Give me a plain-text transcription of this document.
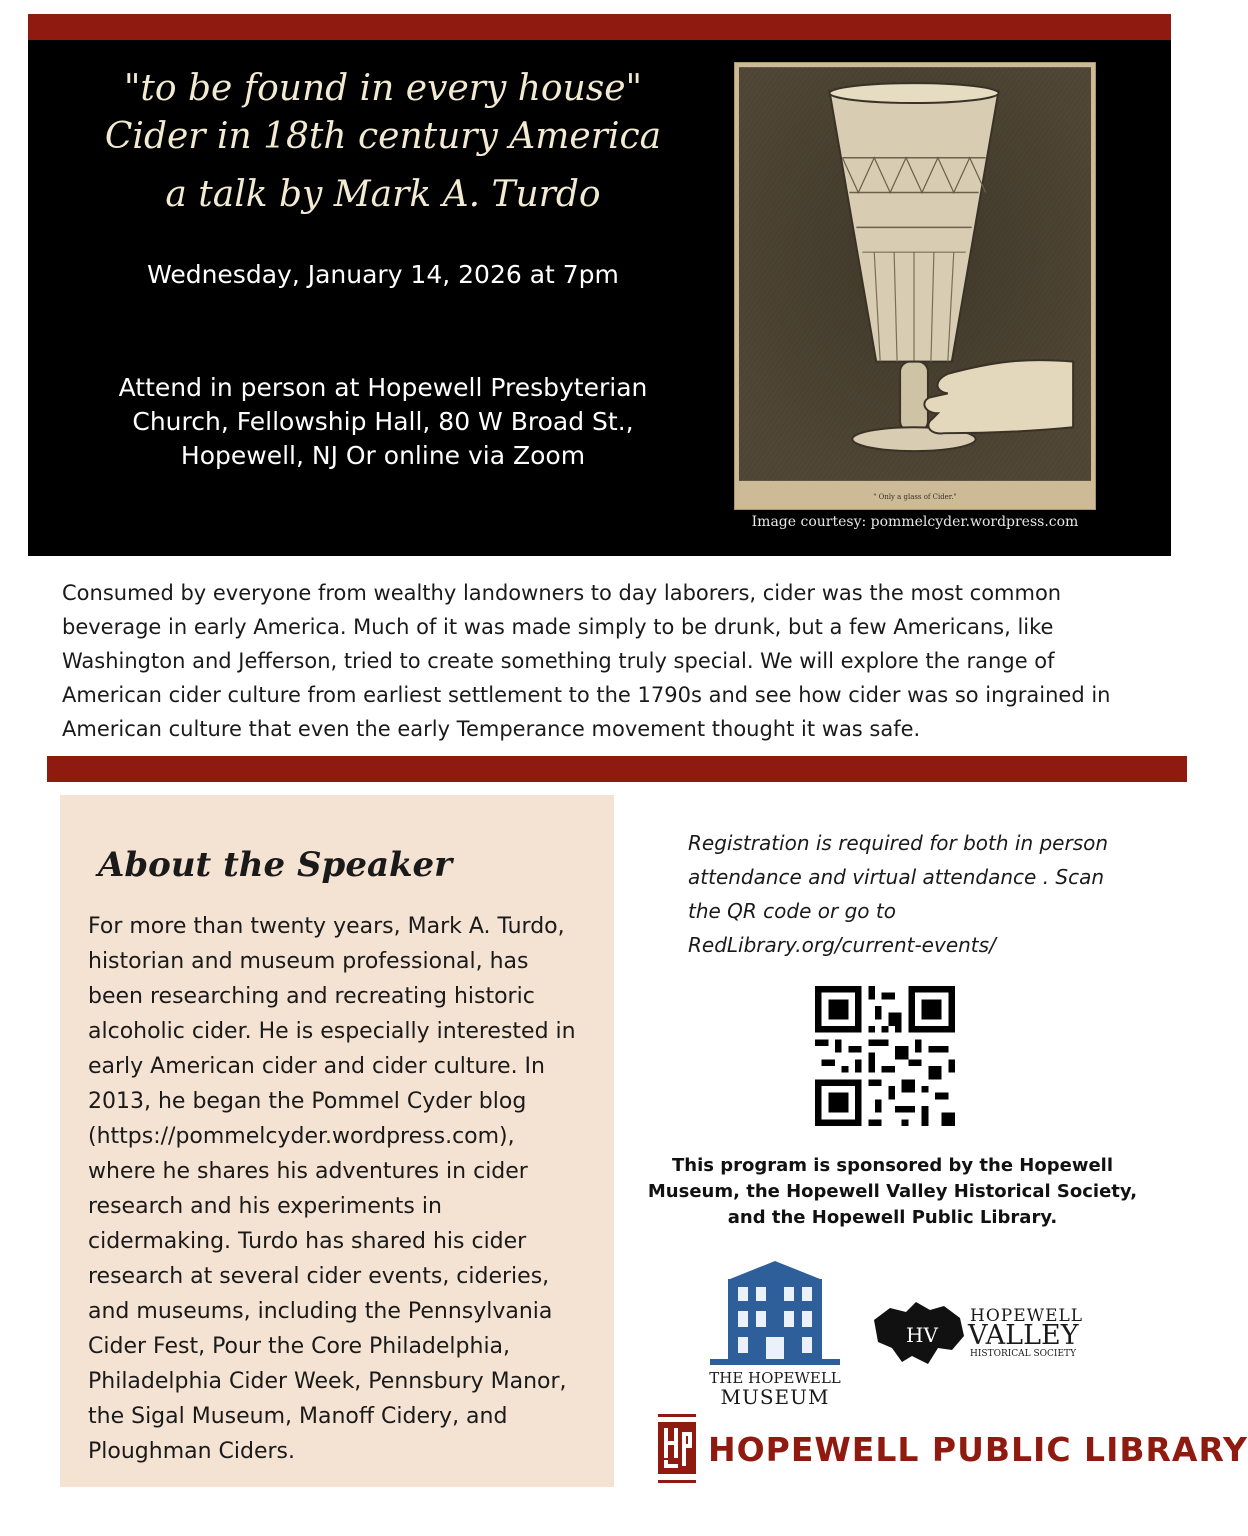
"to be found in every house"
Cider in 18th century America
a talk by Mark A. Turdo
Wednesday, January 14, 2026 at 7pm
Attend in person at Hopewell Presbyterian Church, Fellowship Hall, 80 W Broad St., Hopewell, NJ Or online via Zoom
" Only a glass of Cider."
Image courtesy: pommelcyder.wordpress.com

Consumed by everyone from wealthy landowners to day laborers, cider was the most common beverage in early America. Much of it was made simply to be drunk, but a few Americans, like Washington and Jefferson, tried to create something truly special. We will explore the range of American cider culture from earliest settlement to the 1790s and see how cider was so ingrained in American culture that even the early Temperance movement thought it was safe.

About the Speaker

For more than twenty years, Mark A. Turdo, historian and museum professional, has been researching and recreating historic alcoholic cider. He is especially interested in early American cider and cider culture. In 2013, he began the Pommel Cyder blog (https://pommelcyder.wordpress.com), where he shares his adventures in cider research and his experiments in cidermaking. Turdo has shared his cider research at several cider events, cideries, and museums, including the Pennsylvania Cider Fest, Pour the Core Philadelphia, Philadelphia Cider Week, Pennsbury Manor, the Sigal Museum, Manoff Cidery, and Ploughman Ciders.

Registration is required for both in person attendance and virtual attendance . Scan the QR code or go to RedLibrary.org/current-events/

This program is sponsored by the Hopewell Museum, the Hopewell Valley Historical Society, and the Hopewell Public Library.

THE HOPEWELL
MUSEUM
HV
HOPEWELL
VALLEY
HISTORICAL SOCIETY
HOPEWELL PUBLIC LIBRARY
